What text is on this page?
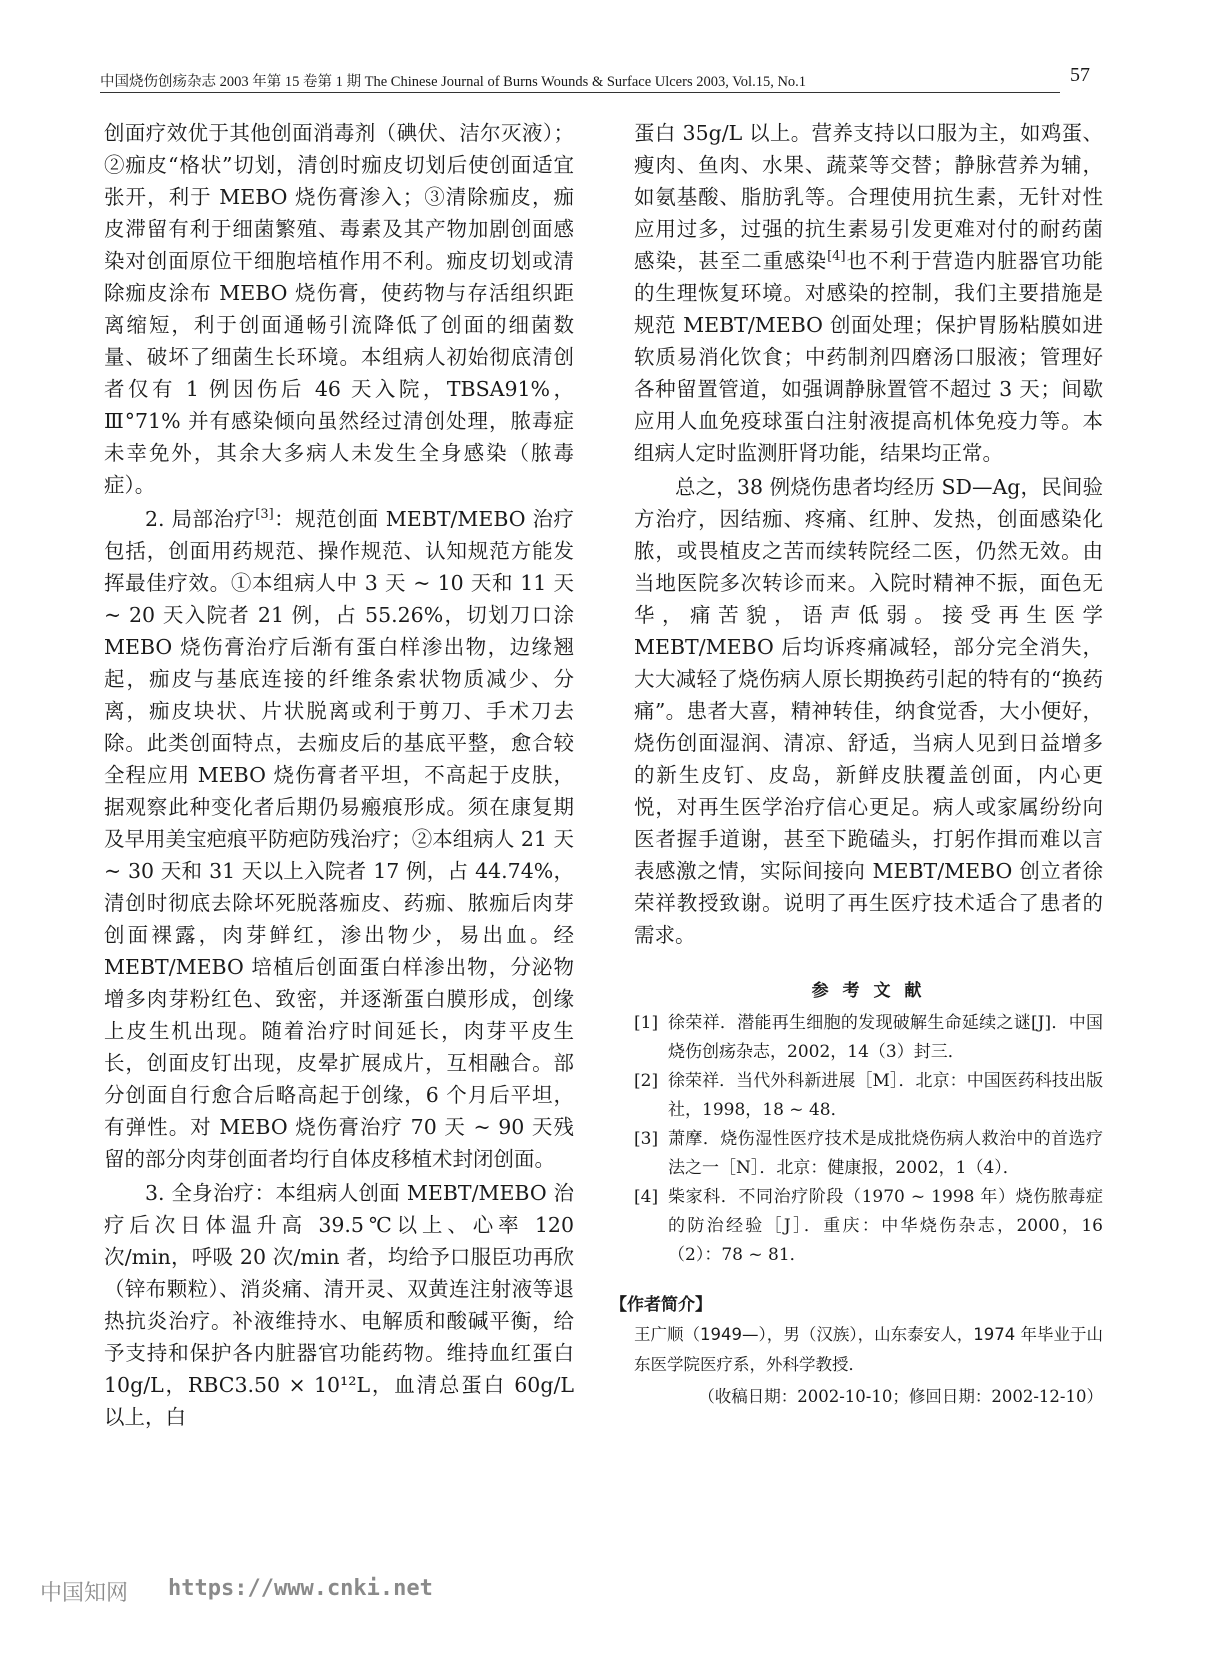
中国烧伤创疡杂志 2003 年第 15 卷第 1 期 The Chinese Journal of Burns Wounds & Surface Ulcers 2003, Vol.15, No.1	57

创面疗效优于其他创面消毒剂（碘伏、洁尔灭液）；②痂皮“格状”切划，清创时痂皮切划后使创面适宜张开，利于 MEBO 烧伤膏渗入；③清除痂皮，痂皮滞留有利于细菌繁殖、毒素及其产物加剧创面感染对创面原位干细胞培植作用不利。痂皮切划或清除痂皮涂布 MEBO 烧伤膏，使药物与存活组织距离缩短，利于创面通畅引流降低了创面的细菌数量、破坏了细菌生长环境。本组病人初始彻底清创者仅有 1 例因伤后 46 天入院，TBSA91%，Ⅲ°71% 并有感染倾向虽然经过清创处理，脓毒症未幸免外，其余大多病人未发生全身感染（脓毒症）。

2. 局部治疗[3]：规范创面 MEBT/MEBO 治疗包括，创面用药规范、操作规范、认知规范方能发挥最佳疗效。①本组病人中 3 天 ~ 10 天和 11 天 ~ 20 天入院者 21 例，占 55.26%，切划刀口涂 MEBO 烧伤膏治疗后渐有蛋白样渗出物，边缘翘起，痂皮与基底连接的纤维条索状物质减少、分离，痂皮块状、片状脱离或利于剪刀、手术刀去除。此类创面特点，去痂皮后的基底平整，愈合较全程应用 MEBO 烧伤膏者平坦，不高起于皮肤，据观察此种变化者后期仍易瘢痕形成。须在康复期及早用美宝疤痕平防疤防残治疗；②本组病人 21 天 ~ 30 天和 31 天以上入院者 17 例，占 44.74%，清创时彻底去除坏死脱落痂皮、药痂、脓痂后肉芽创面裸露，肉芽鲜红，渗出物少，易出血。经 MEBT/MEBO 培植后创面蛋白样渗出物，分泌物增多肉芽粉红色、致密，并逐渐蛋白膜形成，创缘上皮生机出现。随着治疗时间延长，肉芽平皮生长，创面皮钉出现，皮晕扩展成片，互相融合。部分创面自行愈合后略高起于创缘，6 个月后平坦，有弹性。对 MEBO 烧伤膏治疗 70 天 ~ 90 天残留的部分肉芽创面者均行自体皮移植术封闭创面。

3. 全身治疗：本组病人创面 MEBT/MEBO 治疗后次日体温升高 39.5℃以上、心率 120 次/min，呼吸 20 次/min 者，均给予口服臣功再欣（锌布颗粒）、消炎痛、清开灵、双黄连注射液等退热抗炎治疗。补液维持水、电解质和酸碱平衡，给予支持和保护各内脏器官功能药物。维持血红蛋白 10g/L，RBC3.50 × 10¹²L，血清总蛋白 60g/L 以上，白

蛋白 35g/L 以上。营养支持以口服为主，如鸡蛋、瘦肉、鱼肉、水果、蔬菜等交替；静脉营养为辅，如氨基酸、脂肪乳等。合理使用抗生素，无针对性应用过多，过强的抗生素易引发更难对付的耐药菌感染，甚至二重感染[4]也不利于营造内脏器官功能的生理恢复环境。对感染的控制，我们主要措施是规范 MEBT/MEBO 创面处理；保护胃肠粘膜如进软质易消化饮食；中药制剂四磨汤口服液；管理好各种留置管道，如强调静脉置管不超过 3 天；间歇应用人血免疫球蛋白注射液提高机体免疫力等。本组病人定时监测肝肾功能，结果均正常。

总之，38 例烧伤患者均经历 SD—Ag，民间验方治疗，因结痂、疼痛、红肿、发热，创面感染化脓，或畏植皮之苦而续转院经二医，仍然无效。由当地医院多次转诊而来。入院时精神不振，面色无华，痛苦貌，语声低弱。接受再生医学 MEBT/MEBO 后均诉疼痛减轻，部分完全消失，大大减轻了烧伤病人原长期换药引起的特有的“换药痛”。患者大喜，精神转佳，纳食觉香，大小便好，烧伤创面湿润、清凉、舒适，当病人见到日益增多的新生皮钉、皮岛，新鲜皮肤覆盖创面，内心更悦，对再生医学治疗信心更足。病人或家属纷纷向医者握手道谢，甚至下跪磕头，打躬作揖而难以言表感激之情，实际间接向 MEBT/MEBO 创立者徐荣祥教授致谢。说明了再生医疗技术适合了患者的需求。

参 考 文 献
[1] 徐荣祥．潜能再生细胞的发现破解生命延续之谜[J]．中国烧伤创疡杂志，2002，14（3）封三．
[2] 徐荣祥．当代外科新进展［M］．北京：中国医药科技出版社，1998，18 ~ 48．
[3] 萧摩．烧伤湿性医疗技术是成批烧伤病人救治中的首选疗法之一［N］．北京：健康报，2002，1（4）．
[4] 柴家科．不同治疗阶段（1970 ~ 1998 年）烧伤脓毒症的防治经验［J］．重庆：中华烧伤杂志，2000，16（2）：78 ~ 81．
【作者简介】
王广顺（1949—），男（汉族），山东泰安人，1974 年毕业于山东医学院医疗系，外科学教授．
（收稿日期：2002-10-10；修回日期：2002-12-10）
中国知网 https://www.cnki.net
